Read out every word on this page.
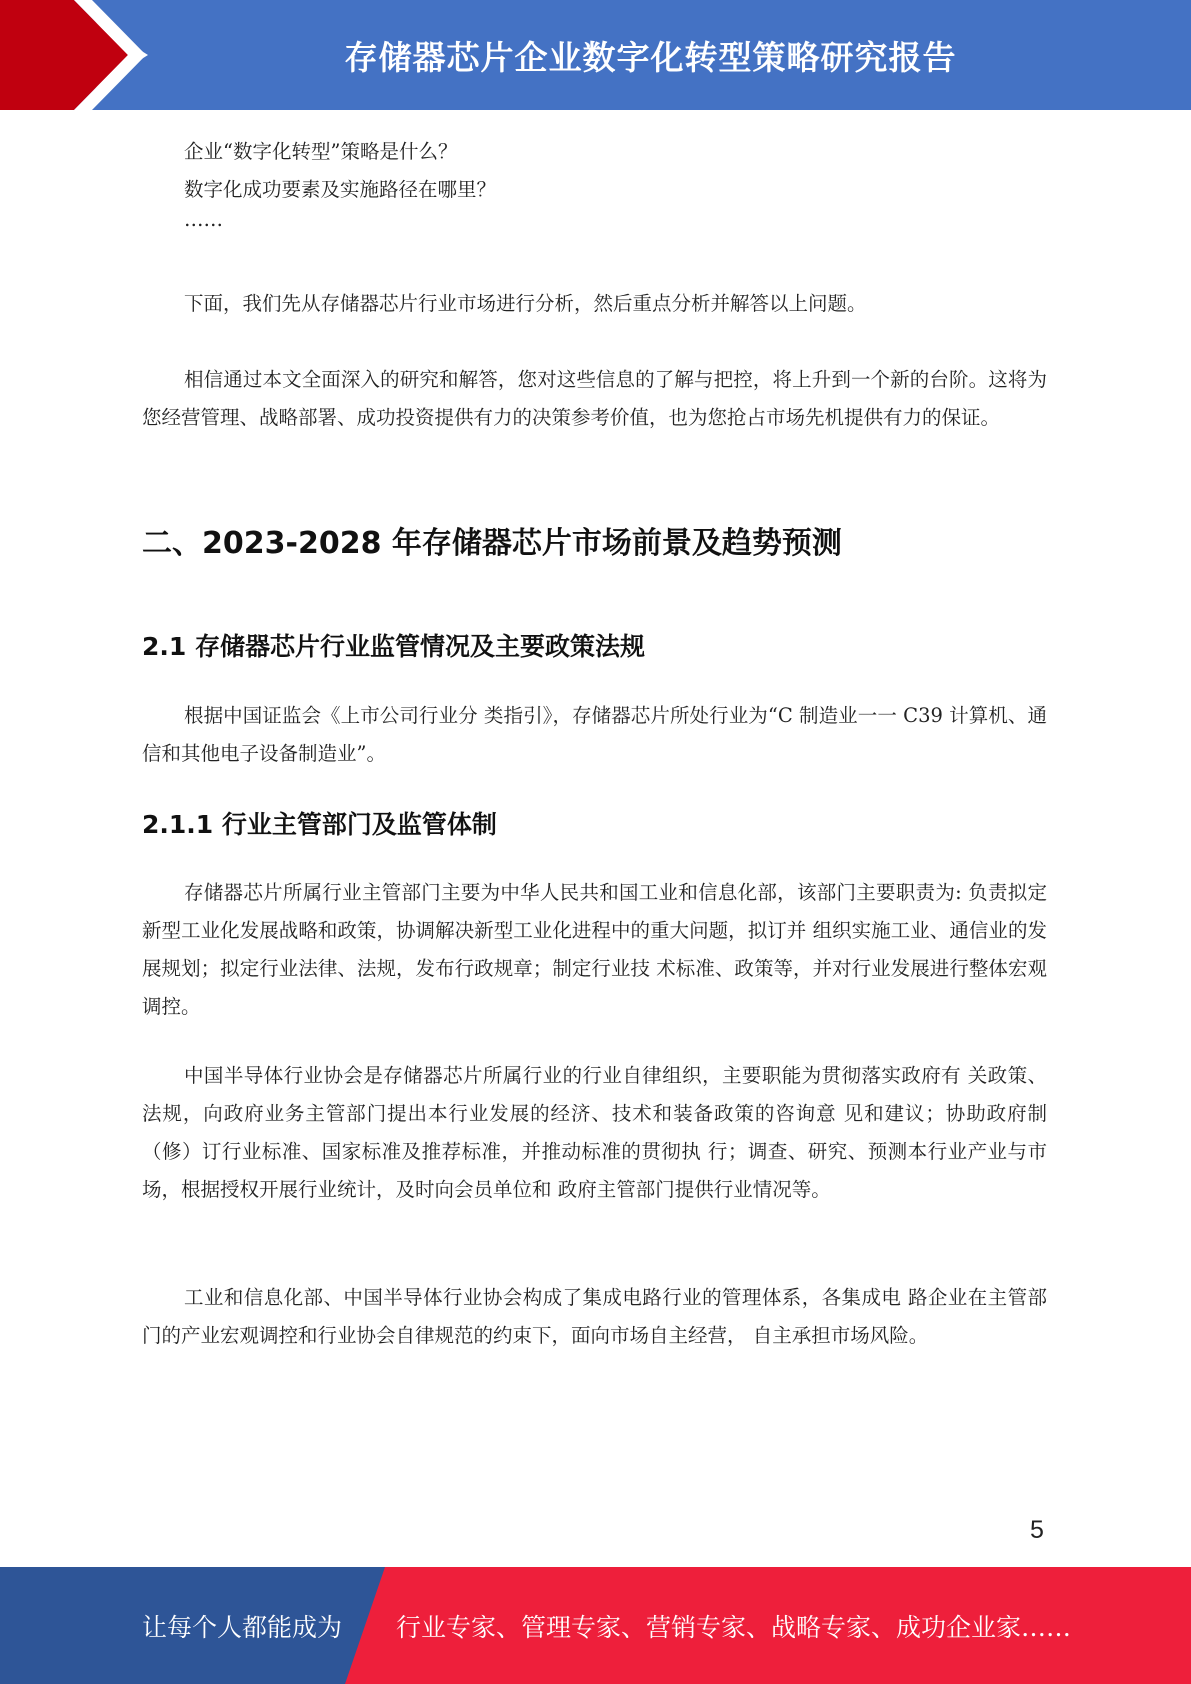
存储器芯片企业数字化转型策略研究报告

企业“数字化转型”策略是什么？

数字化成功要素及实施路径在哪里？

……

下面，我们先从存储器芯片行业市场进行分析，然后重点分析并解答以上问题。

相信通过本文全面深入的研究和解答，您对这些信息的了解与把控，将上升到一个新的台阶。这将为您经营管理、战略部署、成功投资提供有力的决策参考价值，也为您抢占市场先机提供有力的保证。

二、2023-2028 年存储器芯片市场前景及趋势预测
2.1 存储器芯片行业监管情况及主要政策法规

根据中国证监会《上市公司行业分 类指引》，存储器芯片所处行业为“C 制造业一一 C39 计算机、通信和其他电子设备制造业”。

2.1.1 行业主管部门及监管体制

存储器芯片所属行业主管部门主要为中华人民共和国工业和信息化部，该部门主要职责为: 负责拟定新型工业化发展战略和政策，协调解决新型工业化进程中的重大问题，拟订并 组织实施工业、通信业的发展规划；拟定行业法律、法规，发布行政规章；制定行业技 术标准、政策等，并对行业发展进行整体宏观调控。

中国半导体行业协会是存储器芯片所属行业的行业自律组织，主要职能为贯彻落实政府有 关政策、法规，向政府业务主管部门提出本行业发展的经济、技术和装备政策的咨询意 见和建议；协助政府制（修）订行业标准、国家标准及推荐标准，并推动标准的贯彻执 行；调查、研究、预测本行业产业与市场，根据授权开展行业统计，及时向会员单位和 政府主管部门提供行业情况等。

工业和信息化部、中国半导体行业协会构成了集成电路行业的管理体系，各集成电 路企业在主管部门的产业宏观调控和行业协会自律规范的约束下，面向市场自主经营， 自主承担市场风险。

5
让每个人都能成为 行业专家、管理专家、营销专家、战略专家、成功企业家……
